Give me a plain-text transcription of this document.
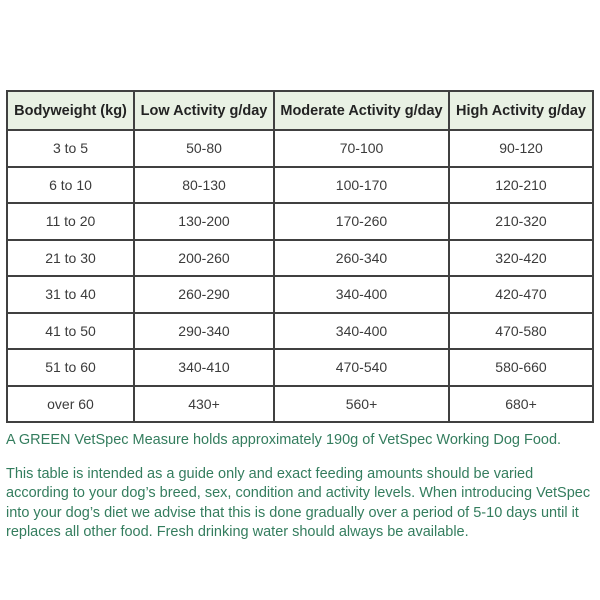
Bodyweight (kg)	Low Activity g/day	Moderate Activity g/day	High Activity g/day
3 to 5	50-80	70-100	90-120
6 to 10	80-130	100-170	120-210
11 to 20	130-200	170-260	210-320
21 to 30	200-260	260-340	320-420
31 to 40	260-290	340-400	420-470
41 to 50	290-340	340-400	470-580
51 to 60	340-410	470-540	580-660
over 60	430+	560+	680+

A GREEN VetSpec Measure holds approximately 190g of VetSpec Working Dog Food.

This table is intended as a guide only and exact feeding amounts should be varied according to your dog’s breed, sex, condition and activity levels. When introducing VetSpec into your dog’s diet we advise that this is done gradually over a period of 5-10 days until it replaces all other food. Fresh drinking water should always be available.
